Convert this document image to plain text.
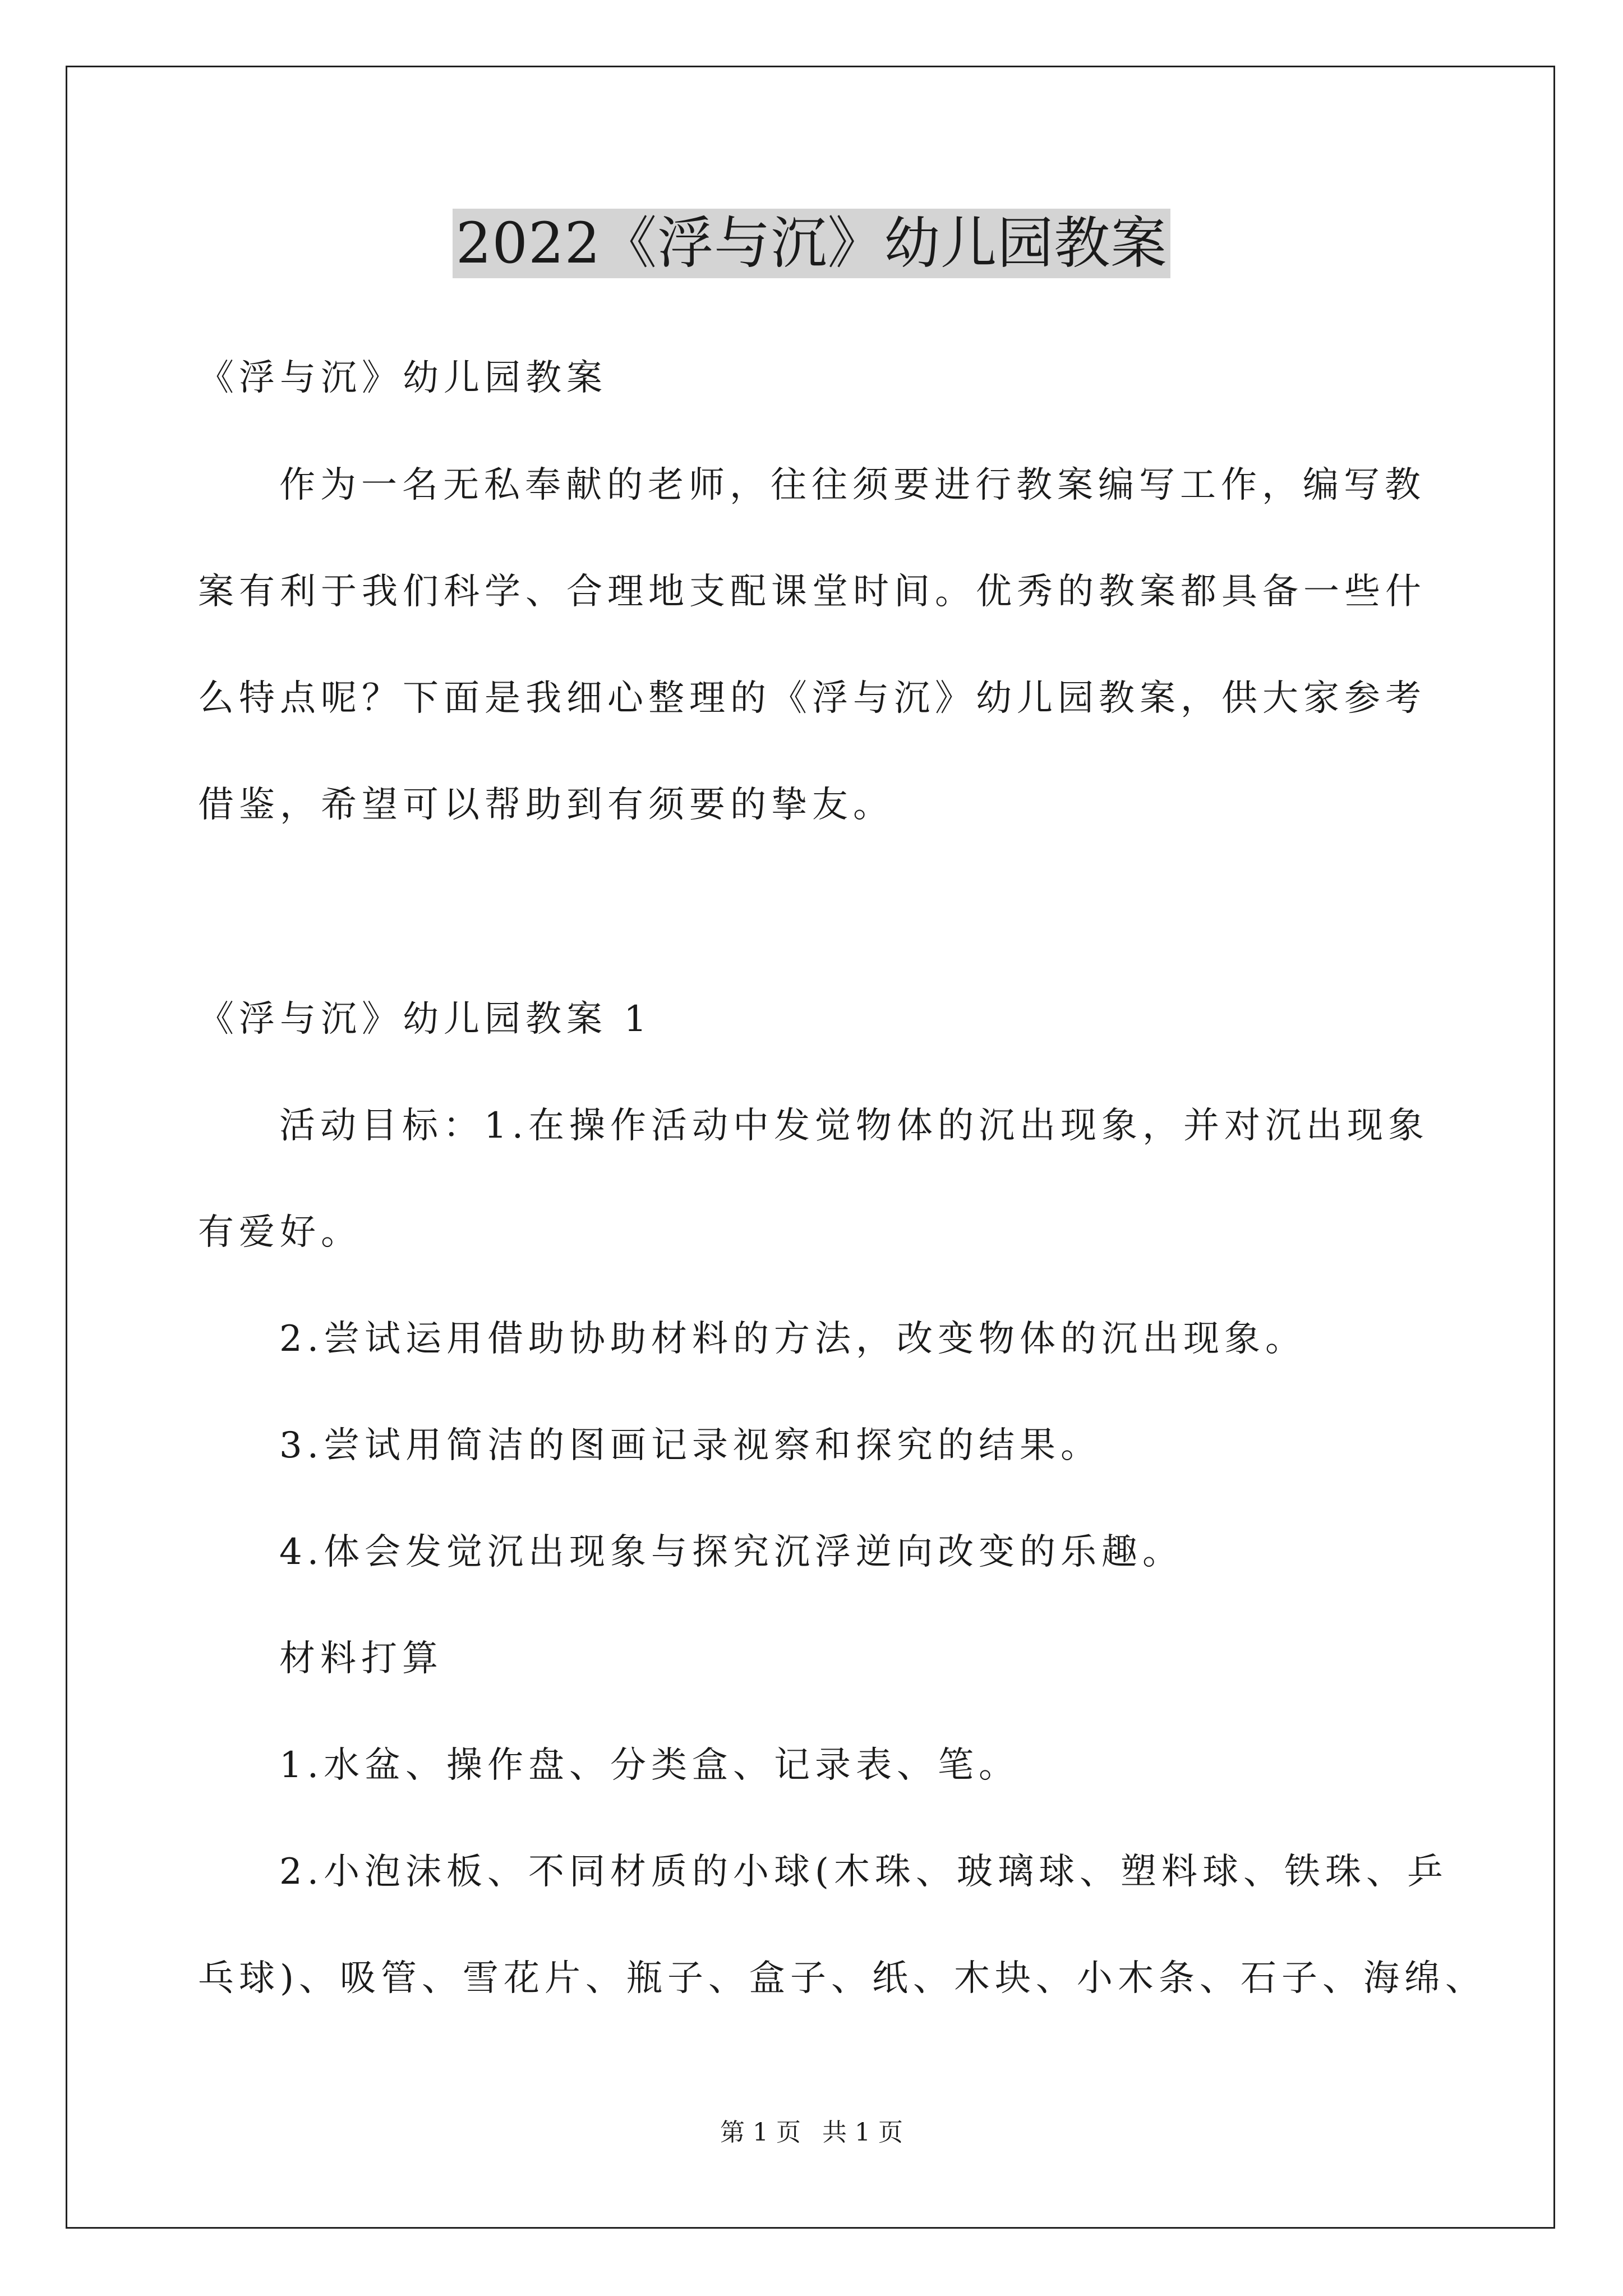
2022《浮与沉》幼儿园教案
《浮与沉》幼儿园教案
作为一名无私奉献的老师，往往须要进行教案编写工作，编写教
案有利于我们科学、合理地支配课堂时间。优秀的教案都具备一些什
么特点呢？下面是我细心整理的《浮与沉》幼儿园教案，供大家参考
借鉴，希望可以帮助到有须要的挚友。
《浮与沉》幼儿园教案 1
活动目标：1.在操作活动中发觉物体的沉出现象，并对沉出现象
有爱好。
2.尝试运用借助协助材料的方法，改变物体的沉出现象。
3.尝试用简洁的图画记录视察和探究的结果。
4.体会发觉沉出现象与探究沉浮逆向改变的乐趣。
材料打算
1.水盆、操作盘、分类盒、记录表、笔。
2.小泡沫板、不同材质的小球(木珠、玻璃球、塑料球、铁珠、乒
乓球)、吸管、雪花片、瓶子、盒子、纸、木块、小木条、石子、海绵、
第 1 页 共 1 页
